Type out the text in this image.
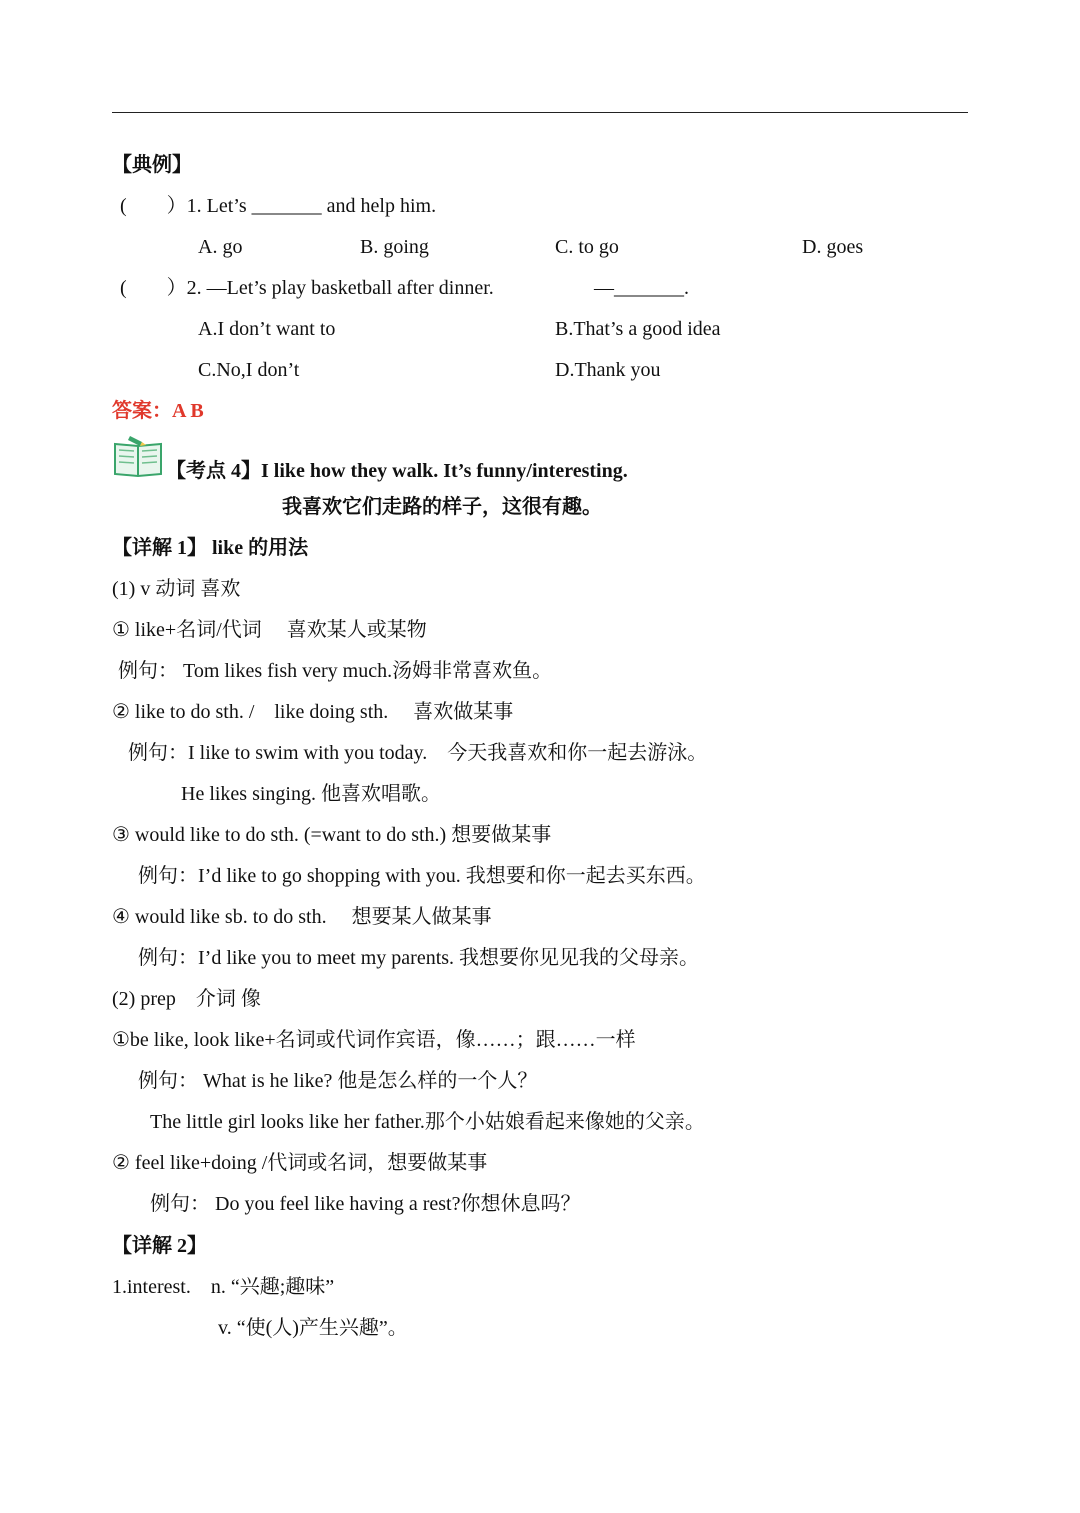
【典例】
(　　）1. Let’s _______ and help him.
A. go	B. going	C. to go	D. goes
(　　）2. —Let’s play basketball after dinner.	—_______.
A.I don’t want to	B.That’s a good idea
C.No,I don’t	D.Thank you
答案：A B
【考点 4】I like how they walk. It’s funny/interesting.
我喜欢它们走路的样子，这很有趣。
【详解 1】 like 的用法
(1) v 动词 喜欢
① like+名词/代词　 喜欢某人或某物
例句： Tom likes fish very much.汤姆非常喜欢鱼。
② like to do sth. /　like doing sth.　 喜欢做某事
例句：I like to swim with you today.　今天我喜欢和你一起去游泳。
He likes singing. 他喜欢唱歌。
③ would like to do sth. (=want to do sth.) 想要做某事
例句：I’d like to go shopping with you. 我想要和你一起去买东西。
④ would like sb. to do sth.　 想要某人做某事
例句：I’d like you to meet my parents. 我想要你见见我的父母亲。
(2) prep　介词 像
①be like, look like+名词或代词作宾语，像……；跟……一样
例句： What is he like? 他是怎么样的一个人？
The little girl looks like her father.那个小姑娘看起来像她的父亲。
② feel like+doing /代词或名词，想要做某事
例句： Do you feel like having a rest?你想休息吗？
【详解 2】
1.interest.　n. “兴趣;趣味”
v. “使(人)产生兴趣”。
